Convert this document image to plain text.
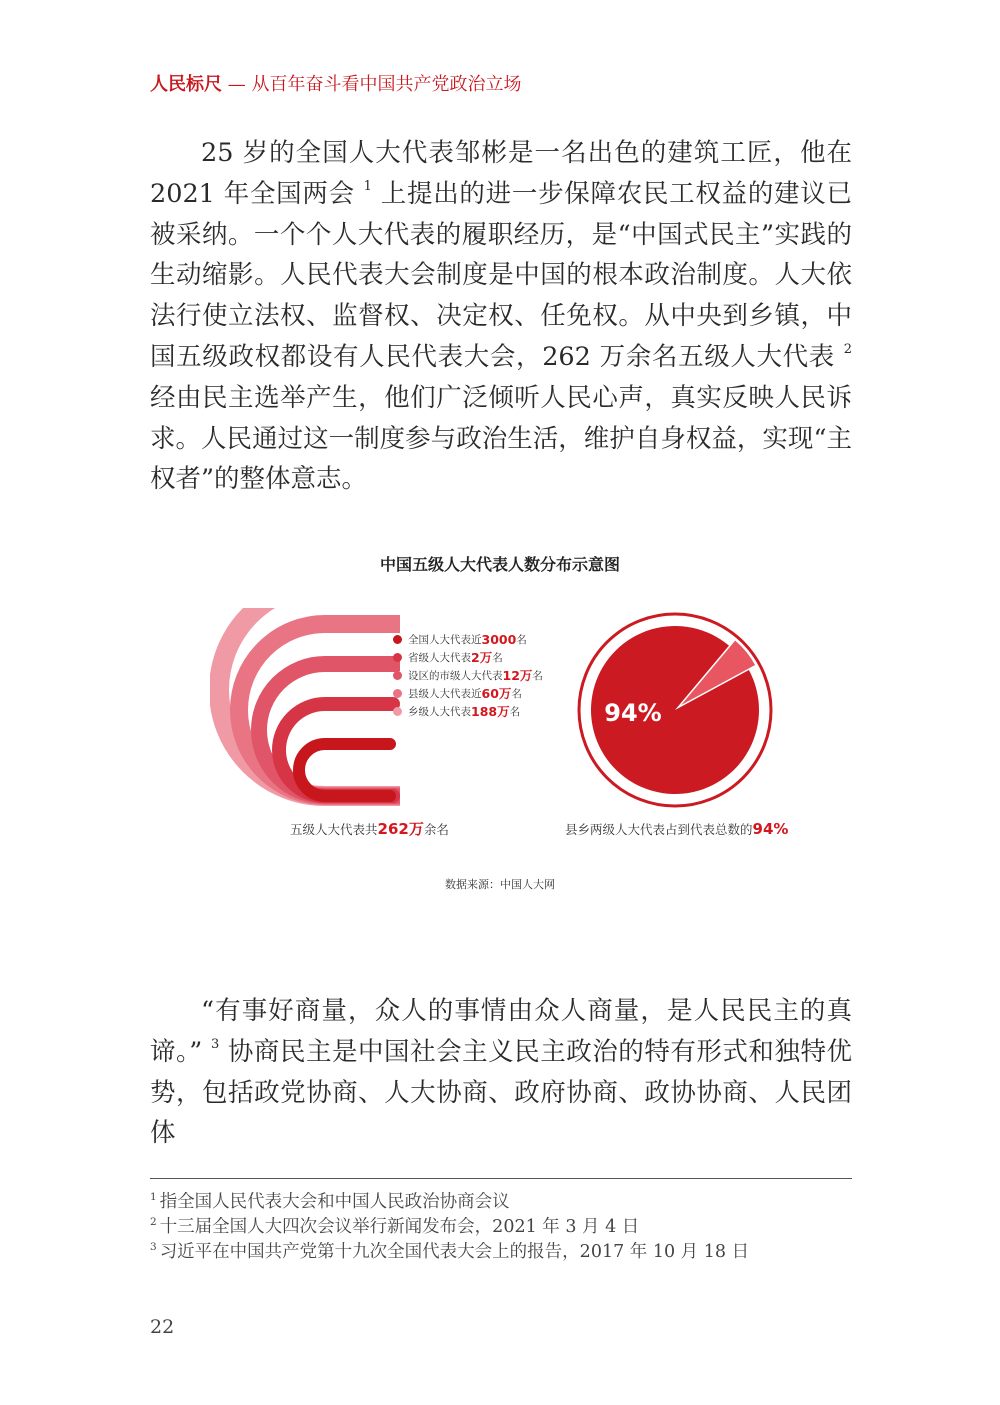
人民标尺 — 从百年奋斗看中国共产党政治立场

25 岁的全国人大代表邹彬是一名出色的建筑工匠，他在 2021 年全国两会 $^1$ 上提出的进一步保障农民工权益的建议已被采纳。一个个人大代表的履职经历，是“中国式民主”实践的生动缩影。人民代表大会制度是中国的根本政治制度。人大依法行使立法权、监督权、决定权、任免权。从中央到乡镇，中国五级政权都设有人民代表大会，262 万余名五级人大代表 $^2$ 经由民主选举产生，他们广泛倾听人民心声，真实反映人民诉求。人民通过这一制度参与政治生活，维护自身权益，实现“主权者”的整体意志。

中国五级人大代表人数分布示意图
全国人大代表近 3000 名
省级人大代表 2万 名
设区的市级人大代表 12万 名
县级人大代表近 60万 名
乡级人大代表 188万 名
五级人大代表共262万余名
94%
县乡两级人大代表占到代表总数的94%
数据来源：中国人大网

“有事好商量，众人的事情由众人商量，是人民民主的真谛。” $^3$ 协商民主是中国社会主义民主政治的特有形式和独特优势，包括政党协商、人大协商、政府协商、政协协商、人民团体

$^1$ 指全国人民代表大会和中国人民政治协商会议
$^2$ 十三届全国人大四次会议举行新闻发布会，2021 年 3 月 4 日
$^3$ 习近平在中国共产党第十九次全国代表大会上的报告，2017 年 10 月 18 日
22
